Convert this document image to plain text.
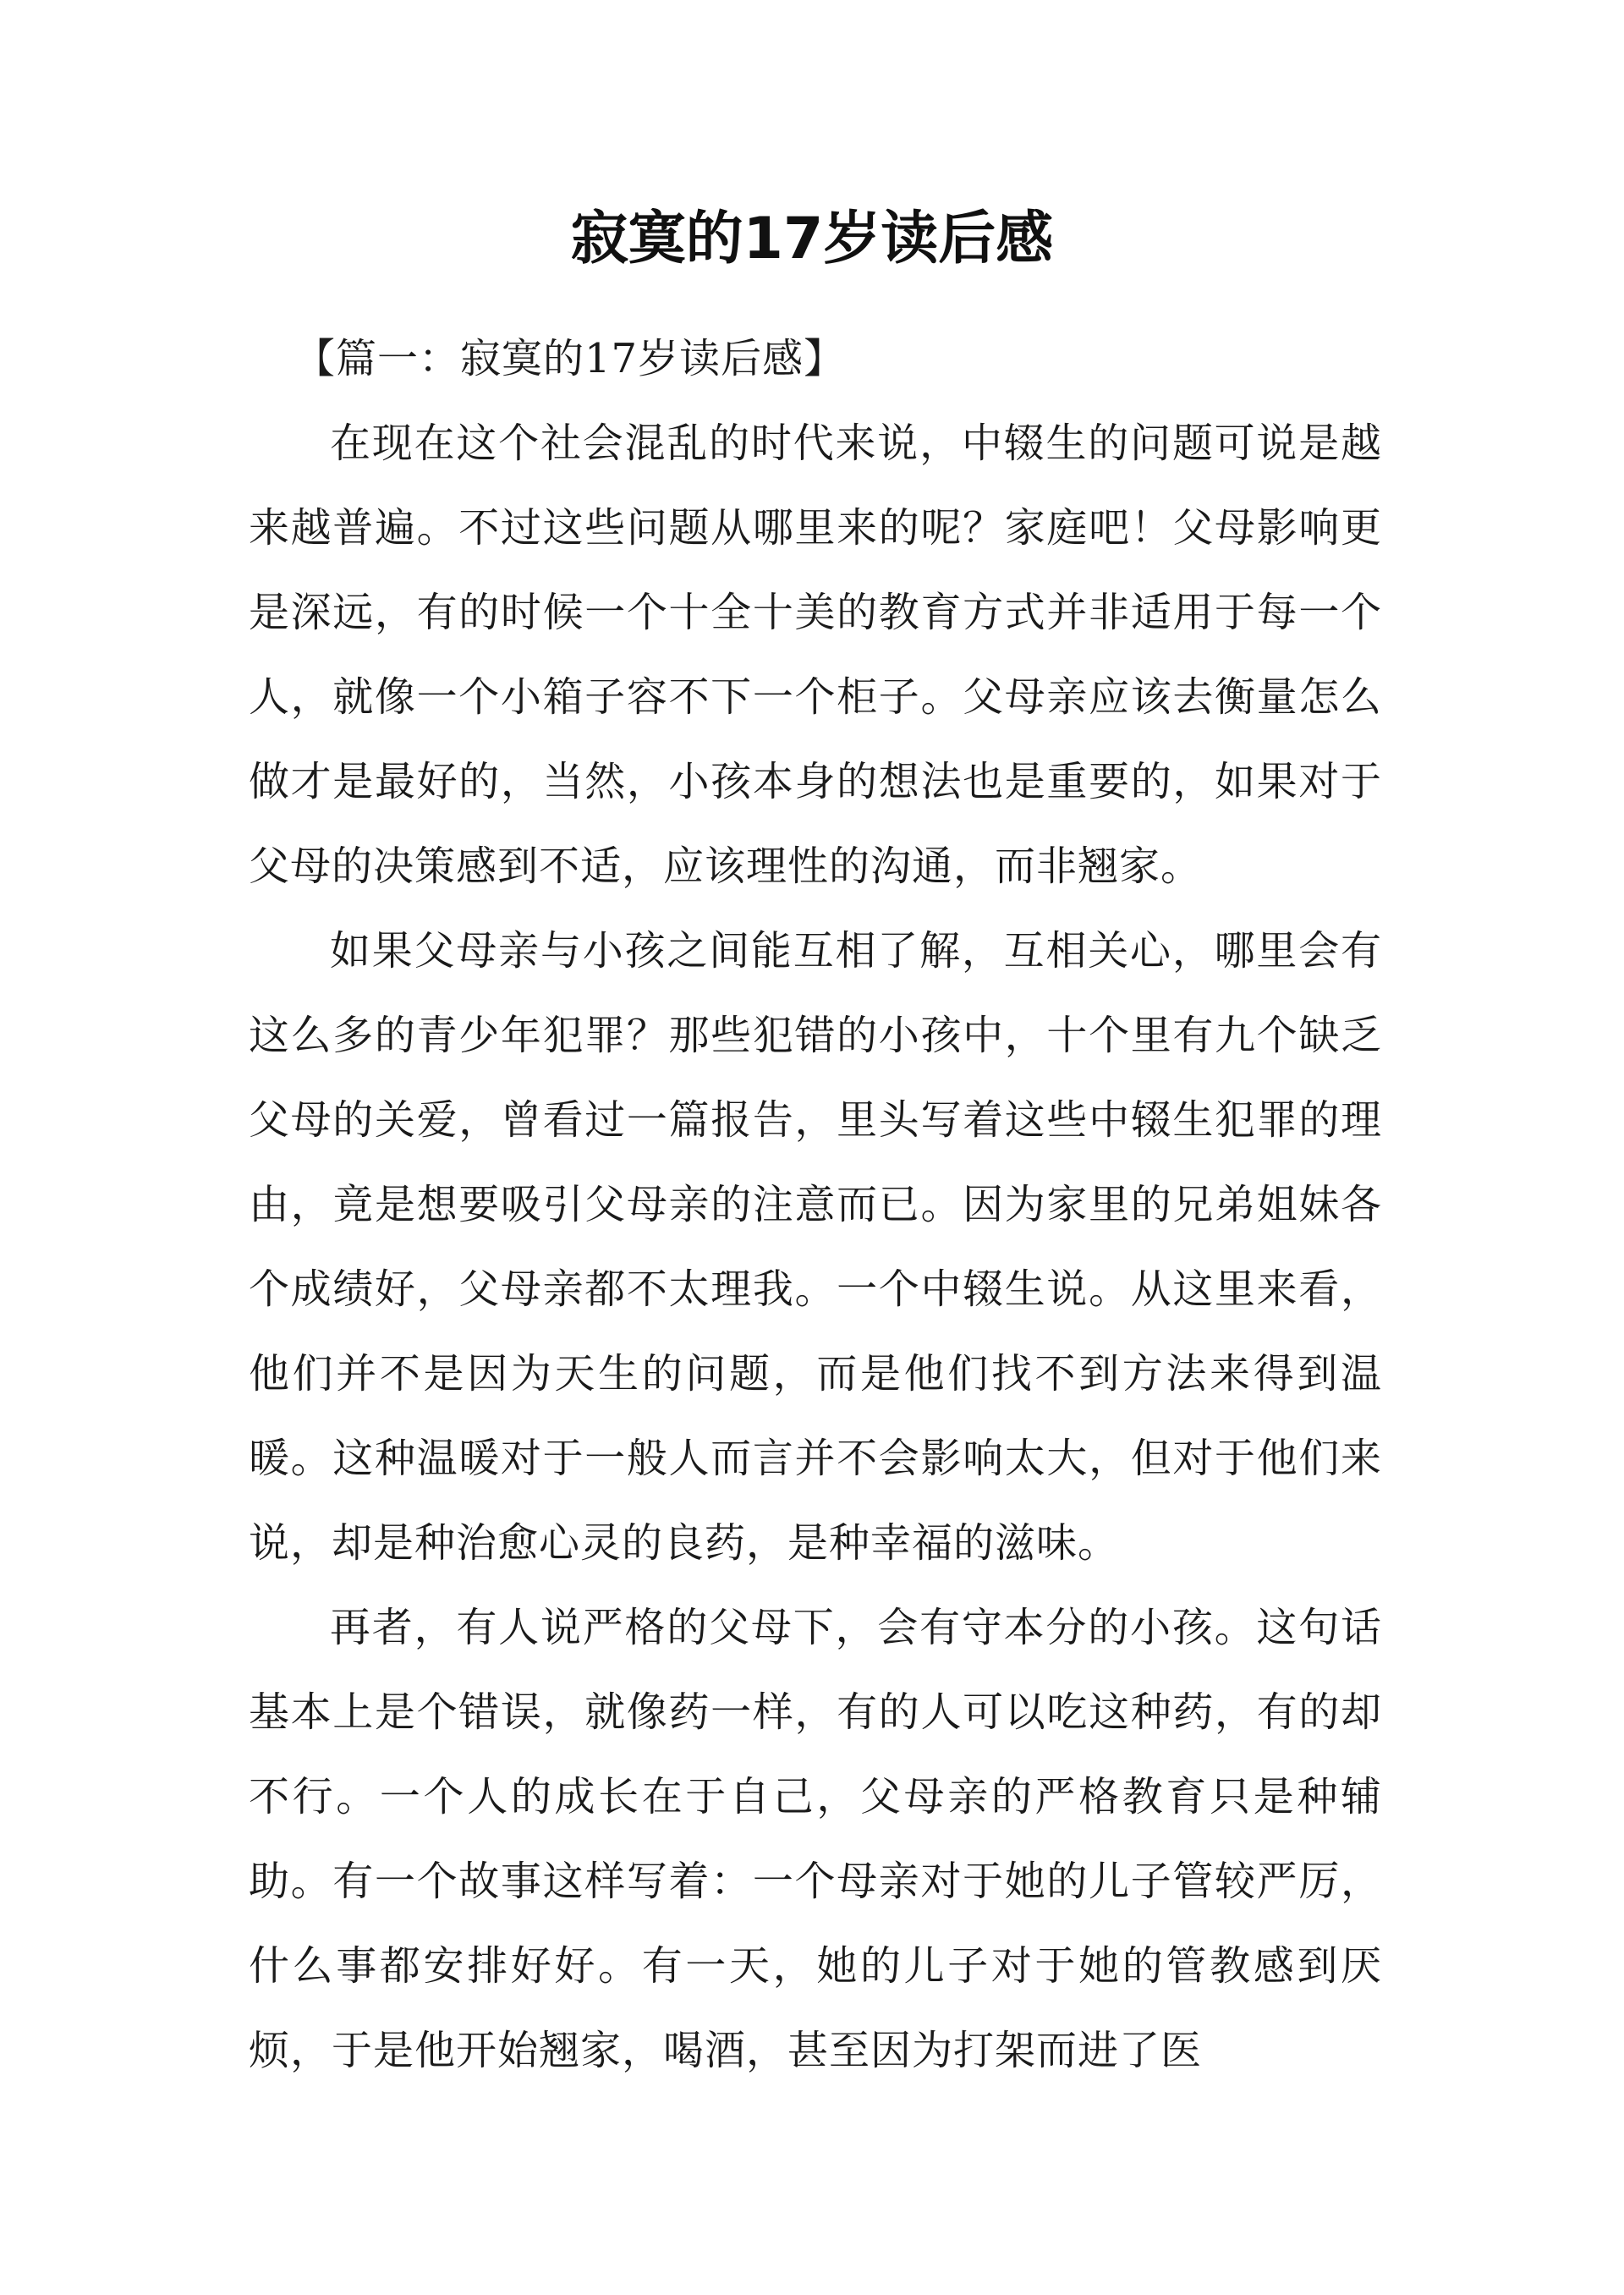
寂寞的17岁读后感

【篇一：寂寞的17岁读后感】

在现在这个社会混乱的时代来说，中辍生的问题可说是越来越普遍。不过这些问题从哪里来的呢？家庭吧！父母影响更是深远，有的时候一个十全十美的教育方式并非适用于每一个人，就像一个小箱子容不下一个柜子。父母亲应该去衡量怎么做才是最好的，当然，小孩本身的想法也是重要的，如果对于父母的决策感到不适，应该理性的沟通，而非翘家。

如果父母亲与小孩之间能互相了解，互相关心，哪里会有这么多的青少年犯罪？那些犯错的小孩中，十个里有九个缺乏父母的关爱，曾看过一篇报告，里头写着这些中辍生犯罪的理由，竟是想要吸引父母亲的注意而已。因为家里的兄弟姐妹各个成绩好，父母亲都不太理我。一个中辍生说。从这里来看，他们并不是因为天生的问题，而是他们找不到方法来得到温暖。这种温暖对于一般人而言并不会影响太大，但对于他们来说，却是种治愈心灵的良药，是种幸福的滋味。

再者，有人说严格的父母下，会有守本分的小孩。这句话基本上是个错误，就像药一样，有的人可以吃这种药，有的却不行。一个人的成长在于自己，父母亲的严格教育只是种辅助。有一个故事这样写着：一个母亲对于她的儿子管较严厉，什么事都安排好好。有一天，她的儿子对于她的管教感到厌烦，于是他开始翘家，喝酒，甚至因为打架而进了医
